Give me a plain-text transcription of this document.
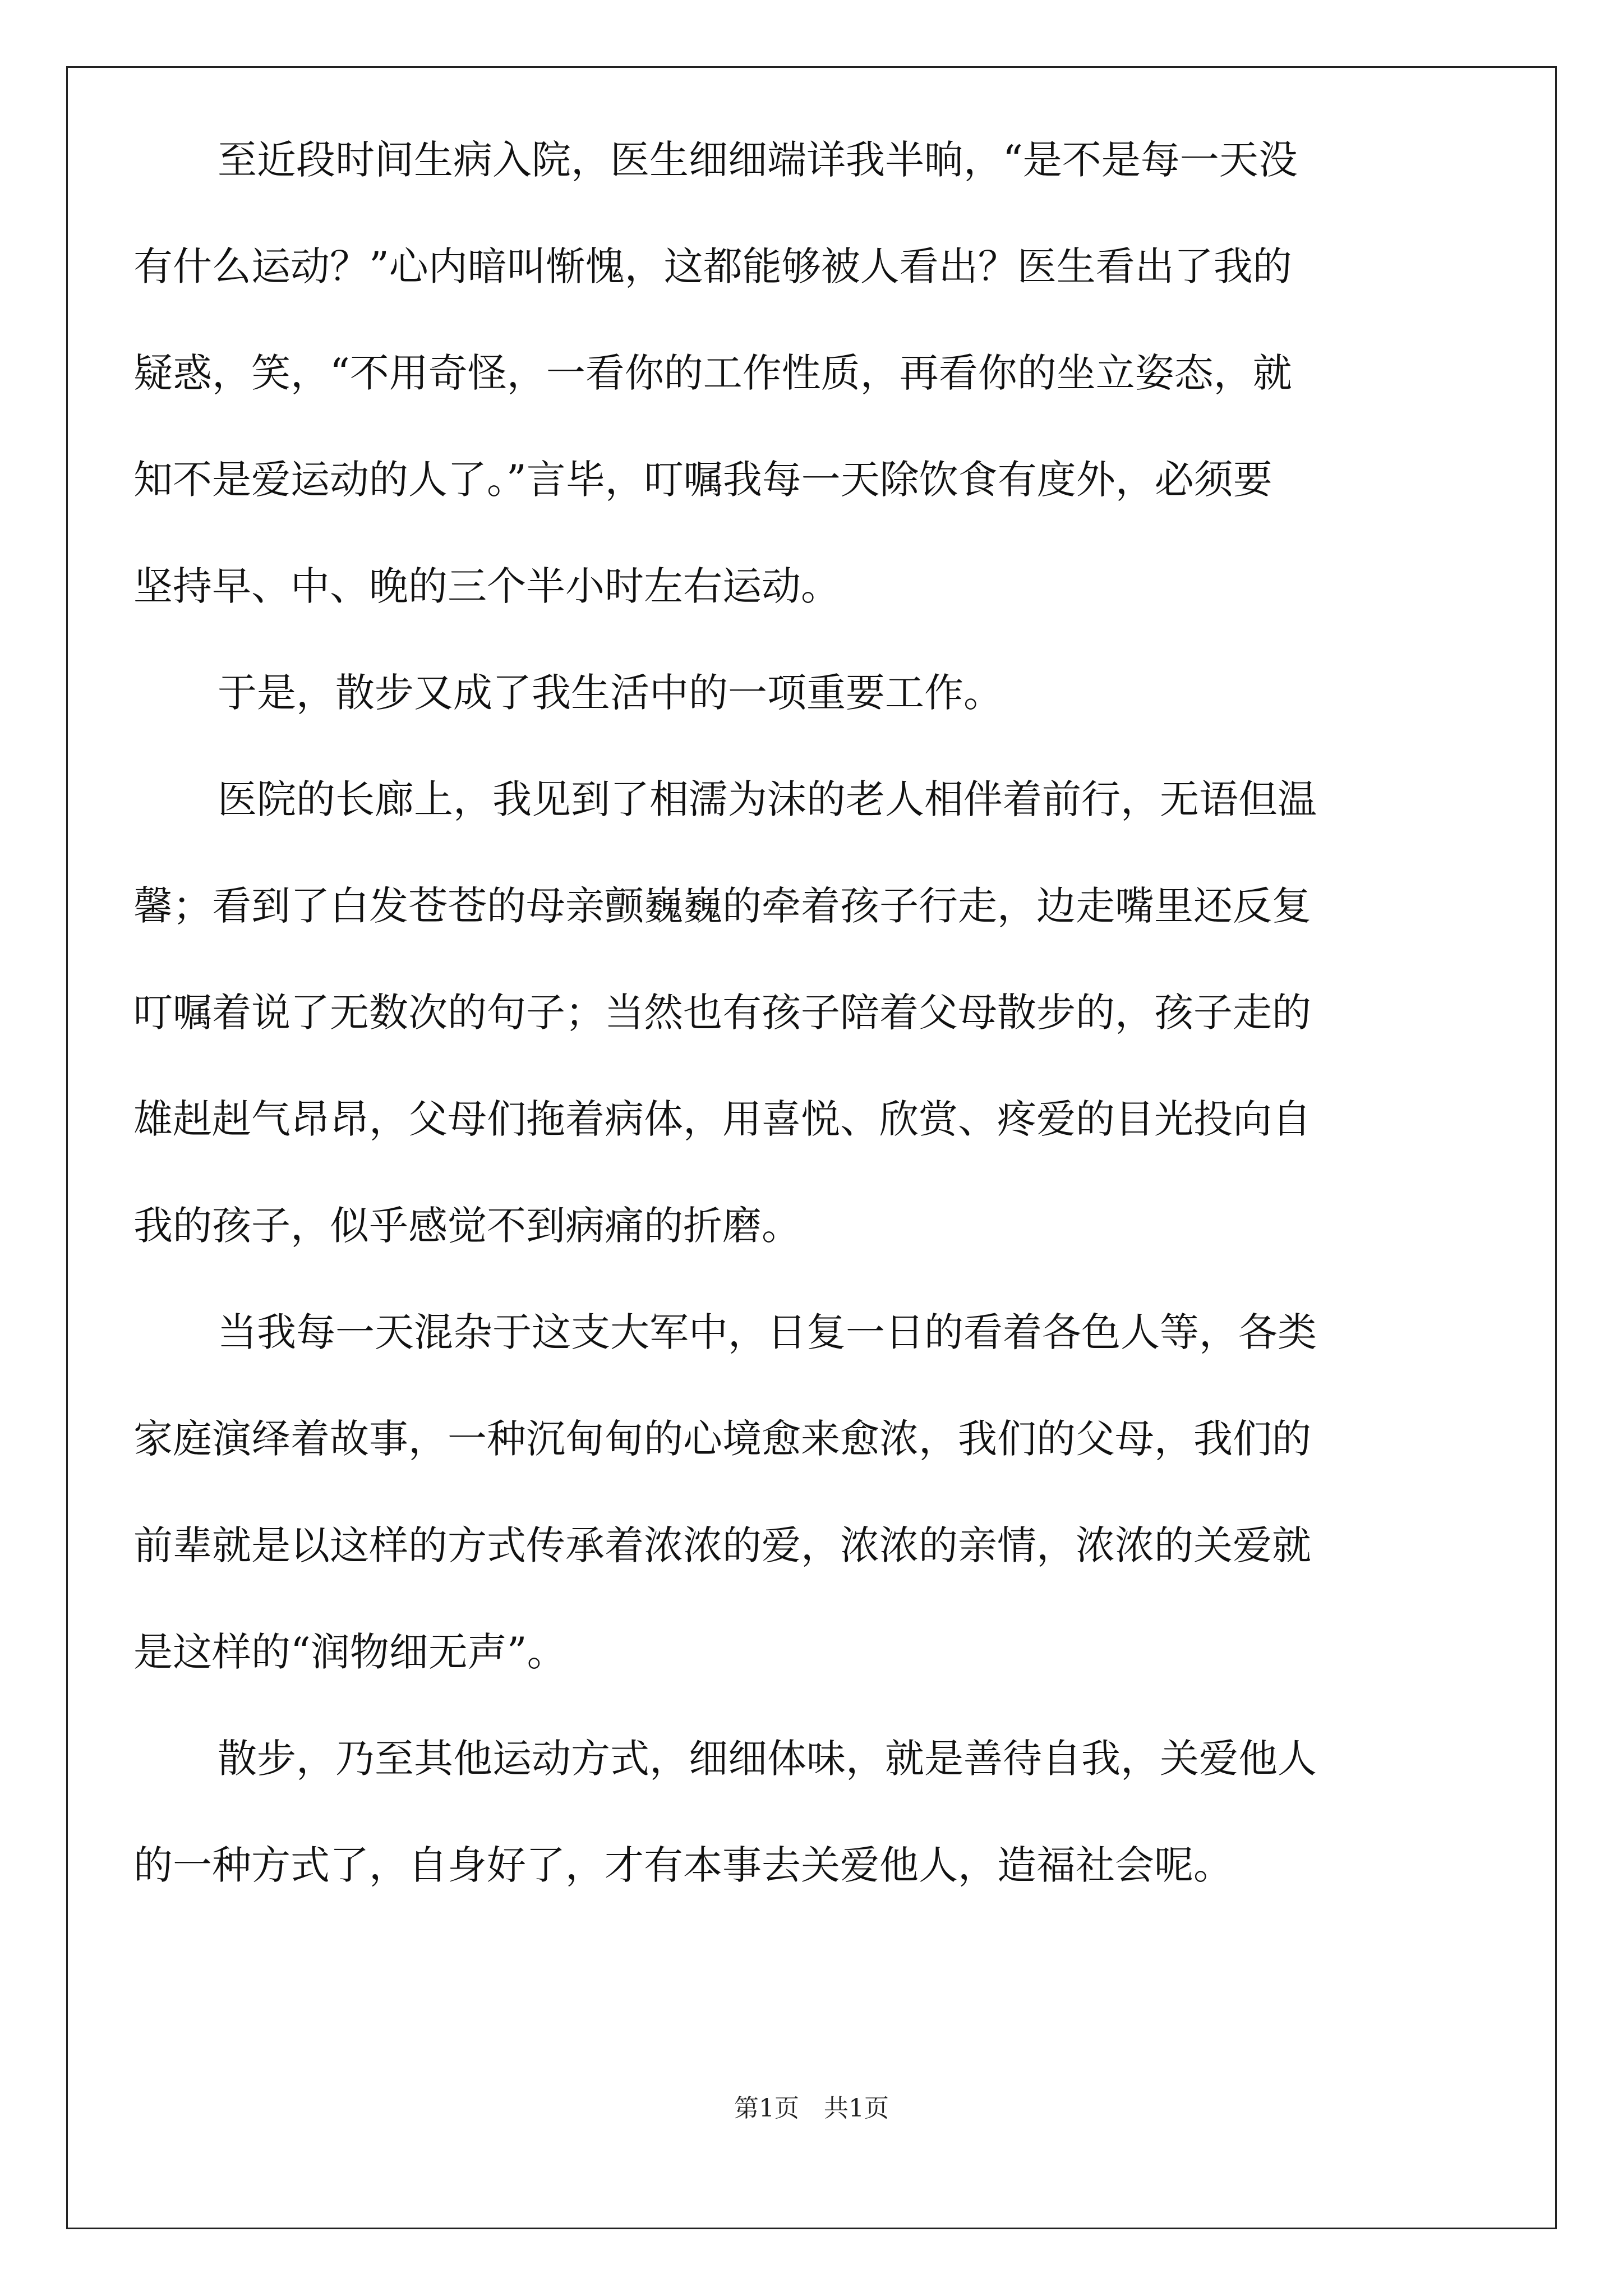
至近段时间生病入院，医生细细端详我半晌，“是不是每一天没

有什么运动？”心内暗叫惭愧，这都能够被人看出？医生看出了我的

疑惑，笑，“不用奇怪，一看你的工作性质，再看你的坐立姿态，就

知不是爱运动的人了。”言毕，叮嘱我每一天除饮食有度外，必须要

坚持早、中、晚的三个半小时左右运动。

于是，散步又成了我生活中的一项重要工作。

医院的长廊上，我见到了相濡为沫的老人相伴着前行，无语但温

馨；看到了白发苍苍的母亲颤巍巍的牵着孩子行走，边走嘴里还反复

叮嘱着说了无数次的句子；当然也有孩子陪着父母散步的，孩子走的

雄赳赳气昂昂，父母们拖着病体，用喜悦、欣赏、疼爱的目光投向自

我的孩子，似乎感觉不到病痛的折磨。

当我每一天混杂于这支大军中，日复一日的看着各色人等，各类

家庭演绎着故事，一种沉甸甸的心境愈来愈浓，我们的父母，我们的

前辈就是以这样的方式传承着浓浓的爱，浓浓的亲情，浓浓的关爱就

是这样的“润物细无声”。

散步，乃至其他运动方式，细细体味，就是善待自我，关爱他人

的一种方式了，自身好了，才有本事去关爱他人，造福社会呢。

第1页　共1页
